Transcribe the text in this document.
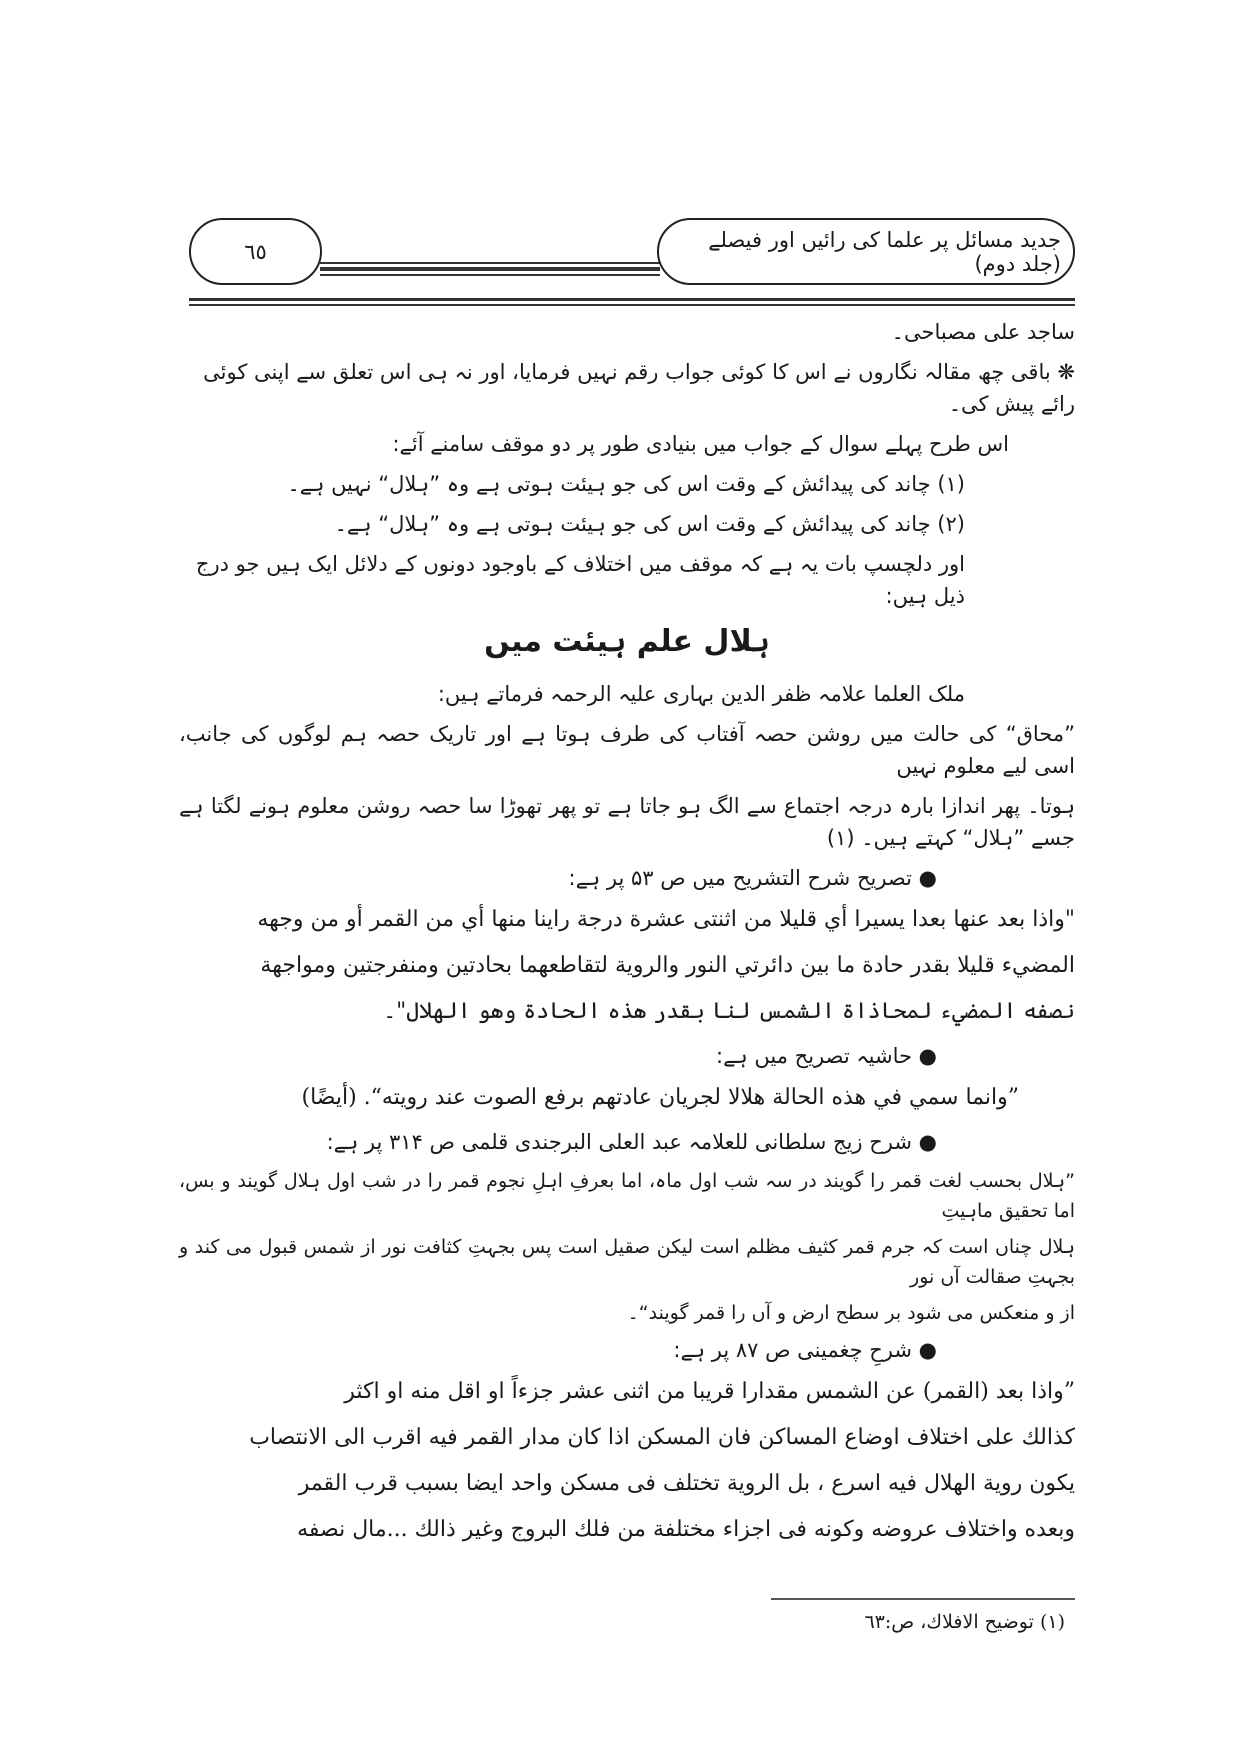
٦٥	جدید مسائل پر علما کی رائیں اور فیصلے (جلد دوم)
ساجد علی مصباحی۔
❋ باقی چھ مقالہ نگاروں نے اس کا کوئی جواب رقم نہیں فرمایا، اور نہ ہی اس تعلق سے اپنی کوئی رائے پیش کی۔
اس طرح پہلے سوال کے جواب میں بنیادی طور پر دو موقف سامنے آئے:
(۱) چاند کی پیدائش کے وقت اس کی جو ہیئت ہوتی ہے وہ ”ہلال“ نہیں ہے۔
(۲) چاند کی پیدائش کے وقت اس کی جو ہیئت ہوتی ہے وہ ”ہلال“ ہے۔
اور دلچسپ بات یہ ہے کہ موقف میں اختلاف کے باوجود دونوں کے دلائل ایک ہیں جو درج ذیل ہیں:
ہلال علم ہیئت میں
ملک العلما علامہ ظفر الدین بہاری علیہ الرحمہ فرماتے ہیں:
”محاق“ کی حالت میں روشن حصہ آفتاب کی طرف ہوتا ہے اور تاریک حصہ ہم لوگوں کی جانب، اسی لیے معلوم نہیں
ہوتا۔ پھر اندازا بارہ درجہ اجتماع سے الگ ہو جاتا ہے تو پھر تھوڑا سا حصہ روشن معلوم ہونے لگتا ہے جسے ”ہلال“ کہتے ہیں۔ (۱)
● تصریح شرح التشریح میں ص ۵۳ پر ہے:
"واذا بعد عنها بعدا يسيرا أي قليلا من اثنتى عشرة درجة راينا منها أي من القمر أو من وجهه
المضيء قليلا بقدر حادة ما بين دائرتي النور والروية لتقاطعهما بحادتين ومنفرجتين ومواجهة
نصفه المضيء لمحاذاة الشمس لنا بقدر هذه الحادة وهو الهلال"۔
● حاشیہ تصریح میں ہے:
”وانما سمي في هذه الحالة هلالا لجريان عادتهم برفع الصوت عند رويته“. (أيضًا)
● شرح زیج سلطانی للعلامہ عبد العلی البرجندی قلمی ص ۳۱۴ پر ہے:
”ہلال بحسب لغت قمر را گویند در سہ شب اول ماہ، اما بعرفِ اہلِ نجوم قمر را در شب اول ہلال گویند و بس، اما تحقیق ماہیتِ
ہلال چناں است کہ جرم قمر کثیف مظلم است لیکن صقیل است پس بجہتِ کثافت نور از شمس قبول می کند و بجہتِ صقالت آں نور
از و منعکس می شود بر سطح ارض و آں را قمر گویند“۔
● شرحِ چغمینی ص ۸۷ پر ہے:
”واذا بعد (القمر) عن الشمس مقدارا قريبا من اثنى عشر جزءاً او اقل منه او اكثر
كذالك على اختلاف اوضاع المساكن فان المسكن اذا كان مدار القمر فيه اقرب الى الانتصاب
يكون روية الهلال فيه اسرع ، بل الروية تختلف فى مسكن واحد ايضا بسبب قرب القمر
وبعده واختلاف عروضه وكونه فى اجزاء مختلفة من فلك البروج وغير ذالك ...مال نصفه
(۱) توضيح الافلاك، ص:٦٣
